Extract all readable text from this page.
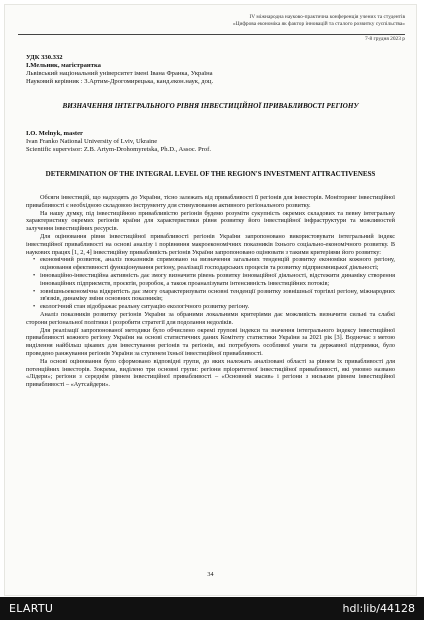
IV міжнародна науково-практична конференція учених та студентів
«Цифрова економіка як фактор інновацій та сталого розвитку суспільства»
7-8 грудня 2023 р
УДК 330.332
І.Мельник, магістрантка
Львівський національний університет імені Івана Франка, Україна
Науковий керівник : З.Артим-Дрогомирецька, канд.екон.наук, доц.
ВИЗНАЧЕННЯ ІНТЕГРАЛЬНОГО РІВНЯ ІНВЕСТИЦІЙНОЇ ПРИВАБЛИВОСТІ РЕГІОНУ
I.O. Melnyk, master
Ivan Franko National University of Lviv, Ukraine
Scientific supervisor: Z.B. Artym-Drohomyretska, Ph.D., Assoc. Prof.
DETERMINATION OF THE INTEGRAL LEVEL OF THE REGION'S INVESTMENT ATTRACTIVENESS

Обсяги інвестицій, що надходять до України, тісно залежать від привабливості її регіонів для інвесторів. Моніторинг інвестиційної привабливості є необхідною складовою інструменту для стимулювання активного регіонального розвитку.

На нашу думку, під інвестиційною привабливістю регіонів будемо розуміти сукупність окремих складових та певну інтегральну характеристику окремих регіонів країни для характеристики рівня розвитку його інвестиційної інфраструктури та можливостей залучення інвестиційних ресурсів.

Для оцінювання рівня інвестиційної привабливості регіонів України запропоновано використовувати інтегральний індекс інвестиційної привабливості на основі аналізу і порівняння макроекономічних показників їхнього соціально-економічного розвитку. В наукових працях [1, 2, 4] інвестиційну привабливість регіонів України запропоновано оцінювати з такими критеріями його розвитку:

• економічний розвиток, аналіз показників спрямовано на визначення загальних тенденцій розвитку економіки кожного регіону, оцінювання ефективності функціонування регіону, реалізації господарських процесів та розвитку підприємницької діяльності;

• інноваційно-інвестиційна активність дає змогу визначити рівень розвитку інноваційної діяльності, відстежити динаміку створення інноваційних підприємств, проєктів, розробок, а також проаналізувати інтенсивність інвестиційних потоків;

• зовнішньоекономічна відкритість дає змогу охарактеризувати основні тенденції розвитку зовнішньої торгівлі регіону, міжнародних зв'язків, динаміку зміни основних показників;

• екологічний стан відображає реальну ситуацію екологічного розвитку регіону.

Аналіз показників розвитку регіонів України за обраними локальними критеріями дає можливість визначити сильні та слабкі сторони регіональної політики і розробити стратегії для подолання недоліків.

Для реалізації запропонованої методики було обчислено окремі групові індекси та значення інтегрального індексу інвестиційної привабливості кожного регіону України на основі статистичних даних Комітету статистики України за 2021 рік [3]. Водночас з метою виділення найбільш цікавих для інвестування регіонів та регіонів, які потребують особливої уваги та державної підтримки, було проведено ранжування регіонів України за ступенем їхньої інвестиційної привабливості.

На основі оцінювання було сформовано відповідні групи, до яких належать аналізовані області за рівнем їх привабливості для потенційних інвесторів. Зокрема, виділено три основні групи: регіони пріоритетної інвестиційної привабливості, які умовно названо «Лідери»; регіони з середнім рівнем інвестиційної привабливості – «Основний масив» і регіони з низьким рівнем інвестиційної привабливості – «Аутсайдери».

34
ELARTU	hdl:lib/44128
